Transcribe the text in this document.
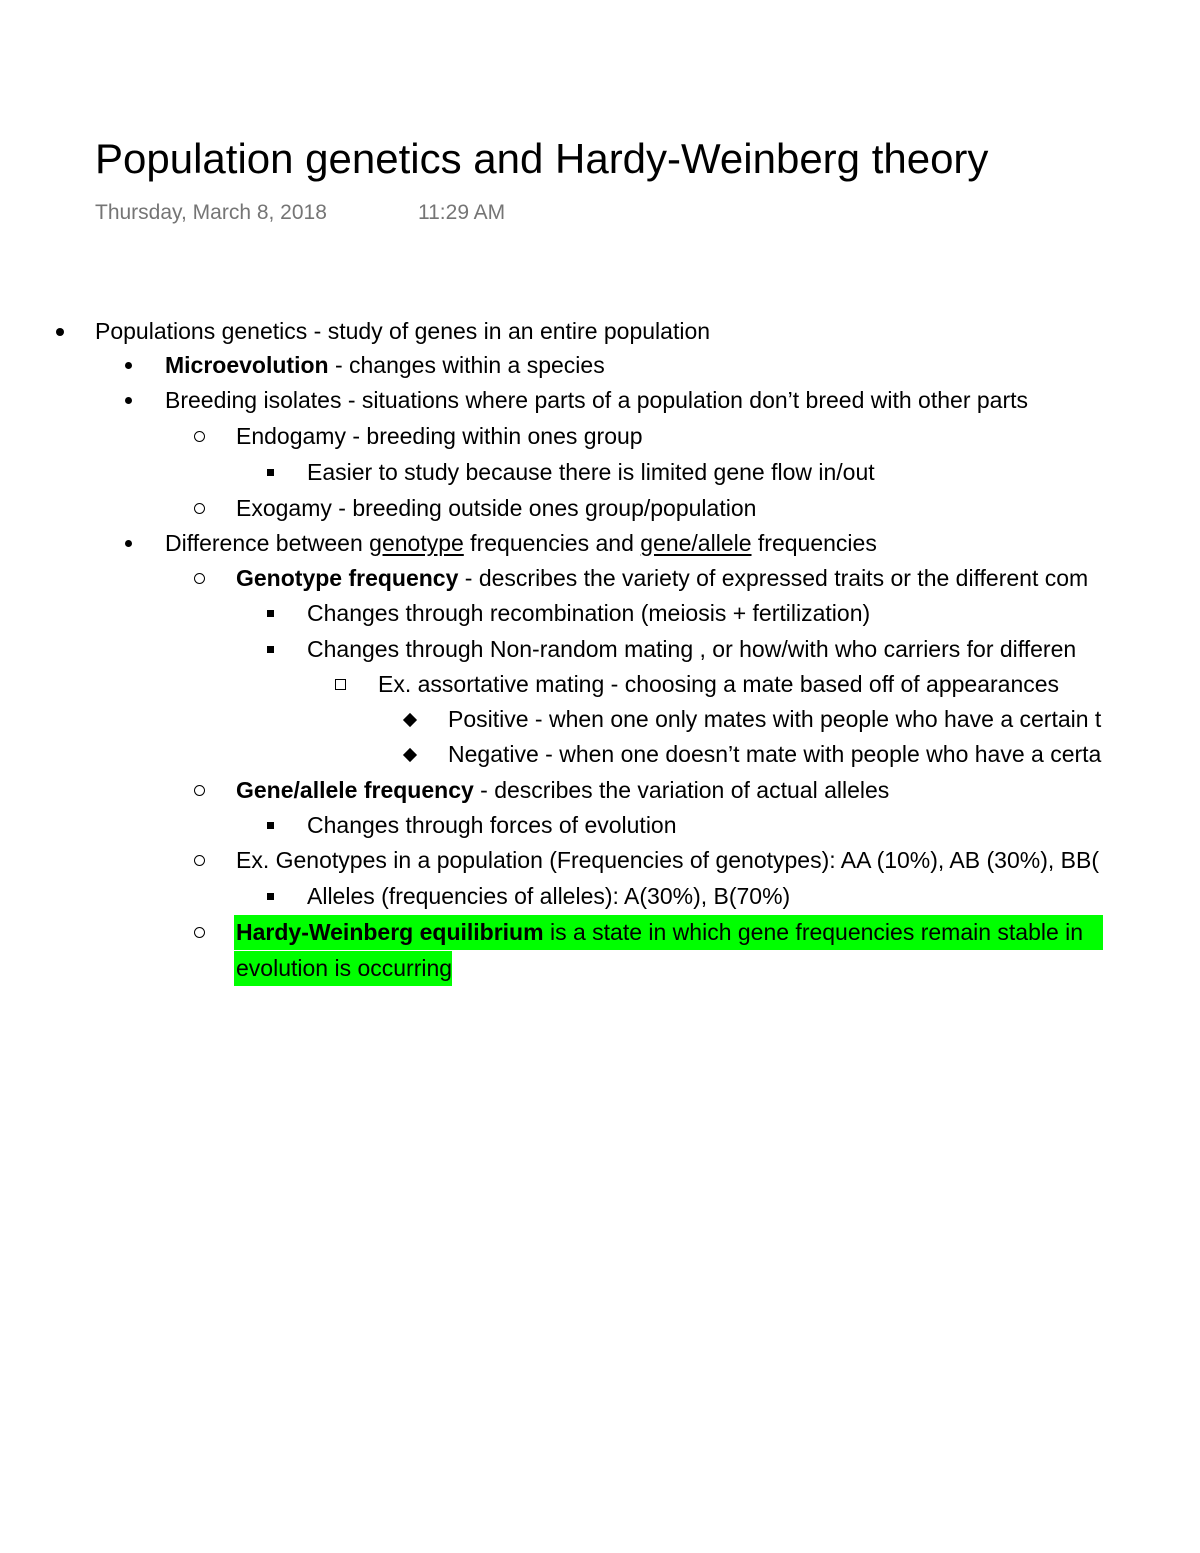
Population genetics and Hardy-Weinberg theory
Thursday, March 8, 2018	11:29 AM
Populations genetics - study of genes in an entire population
Microevolution - changes within a species
Breeding isolates - situations where parts of a population don’t breed with other parts
Endogamy - breeding within ones group
Easier to study because there is limited gene flow in/out
Exogamy - breeding outside ones group/population
Difference between genotype frequencies and gene/allele frequencies
Genotype frequency - describes the variety of expressed traits or the different com
Changes through recombination (meiosis + fertilization)
Changes through Non-random mating , or how/with who carriers for differen
Ex. assortative mating - choosing a mate based off of appearances
Positive - when one only mates with people who have a certain t
Negative - when one doesn’t mate with people who have a certa
Gene/allele frequency - describes the variation of actual alleles
Changes through forces of evolution
Ex. Genotypes in a population (Frequencies of genotypes): AA (10%), AB (30%), BB(
Alleles (frequencies of alleles): A(30%), B(70%)
Hardy-Weinberg equilibrium is a state in which gene frequencies remain stable in
evolution is occurring
